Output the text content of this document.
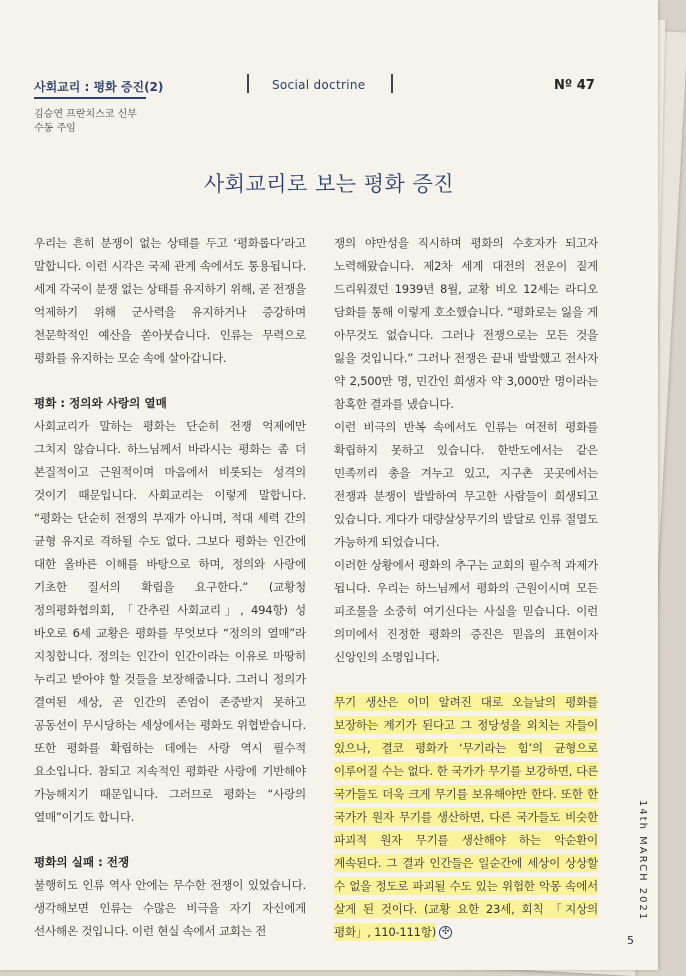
사회교리 : 평화 증진(2)	Social doctrine	Nº 47
김승연 프란치스코 신부
수동 주임
사회교리로 보는 평화 증진

우리는 흔히 분쟁이 없는 상태를 두고 ‘평화롭다’라고 말합니다. 이런 시각은 국제 관계 속에서도 통용됩니다. 세계 각국이 분쟁 없는 상태를 유지하기 위해, 곧 전쟁을 억제하기 위해 군사력을 유지하거나 증강하며 천문학적인 예산을 쏟아붓습니다. 인류는 무력으로 평화를 유지하는 모순 속에 살아갑니다.

평화 : 정의와 사랑의 열매

사회교리가 말하는 평화는 단순히 전쟁 억제에만 그치지 않습니다. 하느님께서 바라시는 평화는 좀 더 본질적이고 근원적이며 마음에서 비롯되는 성격의 것이기 때문입니다. 사회교리는 이렇게 말합니다. “평화는 단순히 전쟁의 부재가 아니며, 적대 세력 간의 균형 유지로 격하될 수도 없다. 그보다 평화는 인간에 대한 올바른 이해를 바탕으로 하며, 정의와 사랑에 기초한 질서의 확립을 요구한다.” (교황청 정의평화협의회, 「간추린 사회교리」, 494항) 성 바오로 6세 교황은 평화를 무엇보다 “정의의 열매”라 지칭합니다. 정의는 인간이 인간이라는 이유로 마땅히 누리고 받아야 할 것들을 보장해줍니다. 그러니 정의가 결여된 세상, 곧 인간의 존엄이 존중받지 못하고 공동선이 무시당하는 세상에서는 평화도 위협받습니다. 또한 평화를 확립하는 데에는 사랑 역시 필수적 요소입니다. 참되고 지속적인 평화란 사랑에 기반해야 가능해지기 때문입니다. 그러므로 평화는 “사랑의 열매”이기도 합니다.

평화의 실패 : 전쟁

불행히도 인류 역사 안에는 무수한 전쟁이 있었습니다. 생각해보면 인류는 수많은 비극을 자기 자신에게 선사해온 것입니다. 이런 현실 속에서 교회는 전

쟁의 야만성을 직시하며 평화의 수호자가 되고자 노력해왔습니다. 제2차 세계 대전의 전운이 짙게 드리워졌던 1939년 8월, 교황 비오 12세는 라디오 담화를 통해 이렇게 호소했습니다. “평화로는 잃을 게 아무것도 없습니다. 그러나 전쟁으로는 모든 것을 잃을 것입니다.” 그러나 전쟁은 끝내 발발했고 전사자 약 2,500만 명, 민간인 희생자 약 3,000만 명이라는 참혹한 결과를 냈습니다.

이런 비극의 반복 속에서도 인류는 여전히 평화를 확립하지 못하고 있습니다. 한반도에서는 같은 민족끼리 총을 겨누고 있고, 지구촌 곳곳에서는 전쟁과 분쟁이 발발하여 무고한 사람들이 희생되고 있습니다. 게다가 대량살상무기의 발달로 인류 절멸도 가능하게 되었습니다.

이러한 상황에서 평화의 추구는 교회의 필수적 과제가 됩니다. 우리는 하느님께서 평화의 근원이시며 모든 피조물을 소중히 여기신다는 사실을 믿습니다. 이런 의미에서 진정한 평화의 증진은 믿음의 표현이자 신앙인의 소명입니다.

무기 생산은 이미 알려진 대로 오늘날의 평화를 보장하는 계기가 된다고 그 정당성을 외치는 자들이 있으나, 결코 평화가 ‘무기라는 힘’의 균형으로 이루어질 수는 없다. 한 국가가 무기를 보강하면, 다른 국가들도 더욱 크게 무기를 보유해야만 한다. 또한 한 국가가 원자 무기를 생산하면, 다른 국가들도 비슷한 파괴적 원자 무기를 생산해야 하는 악순환이 계속된다. 그 결과 인간들은 일순간에 세상이 상상할 수 없을 정도로 파괴될 수도 있는 위험한 악몽 속에서 살게 된 것이다. (교황 요한 23세, 회칙 「지상의 평화」, 110-111항) ✣

14th MARCH 2021
5
